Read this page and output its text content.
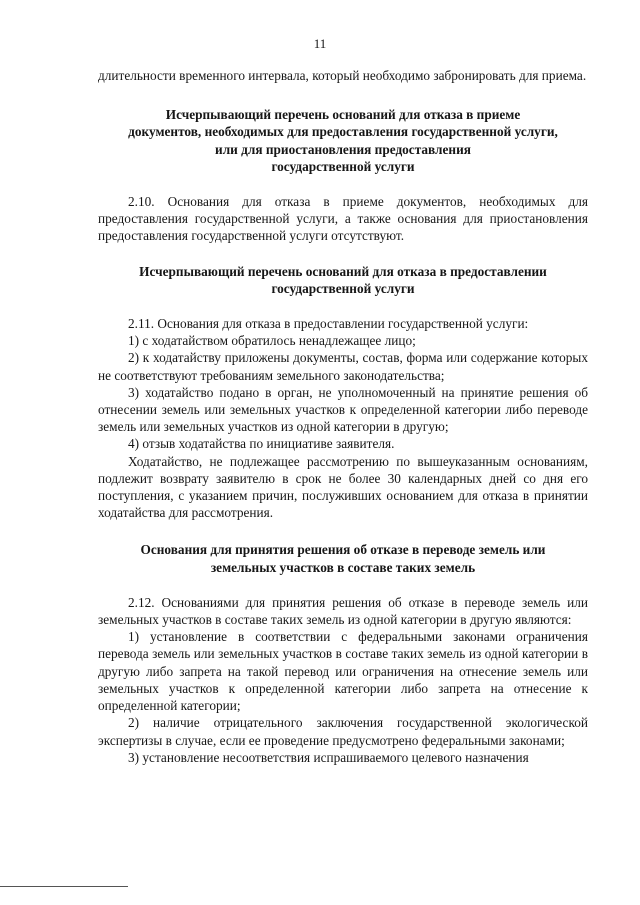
11

длительности временного интервала, который необходимо забронировать для приема.

Исчерпывающий перечень оснований для отказа в приеме
документов, необходимых для предоставления государственной услуги,
или для приостановления предоставления
государственной услуги

2.10. Основания для отказа в приеме документов, необходимых для предоставления государственной услуги, а также основания для приостановления предоставления государственной услуги отсутствуют.

Исчерпывающий перечень оснований для отказа в предоставлении
государственной услуги

2.11. Основания для отказа в предоставлении государственной услуги:

1) с ходатайством обратилось ненадлежащее лицо;

2) к ходатайству приложены документы, состав, форма или содержание которых не соответствуют требованиям земельного законодательства;

3) ходатайство подано в орган, не уполномоченный на принятие решения об отнесении земель или земельных участков к определенной категории либо переводе земель или земельных участков из одной категории в другую;

4) отзыв ходатайства по инициативе заявителя.

Ходатайство, не подлежащее рассмотрению по вышеуказанным основаниям, подлежит возврату заявителю в срок не более 30 календарных дней со дня его поступления, с указанием причин, послуживших основанием для отказа в принятии ходатайства для рассмотрения.

Основания для принятия решения об отказе в переводе земель или
земельных участков в составе таких земель

2.12. Основаниями для принятия решения об отказе в переводе земель или земельных участков в составе таких земель из одной категории в другую являются:

1) установление в соответствии с федеральными законами ограничения перевода земель или земельных участков в составе таких земель из одной категории в другую либо запрета на такой перевод или ограничения на отнесение земель или земельных участков к определенной категории либо запрета на отнесение к определенной категории;

2) наличие отрицательного заключения государственной экологической экспертизы в случае, если ее проведение предусмотрено федеральными законами;

3) установление несоответствия испрашиваемого целевого назначения
